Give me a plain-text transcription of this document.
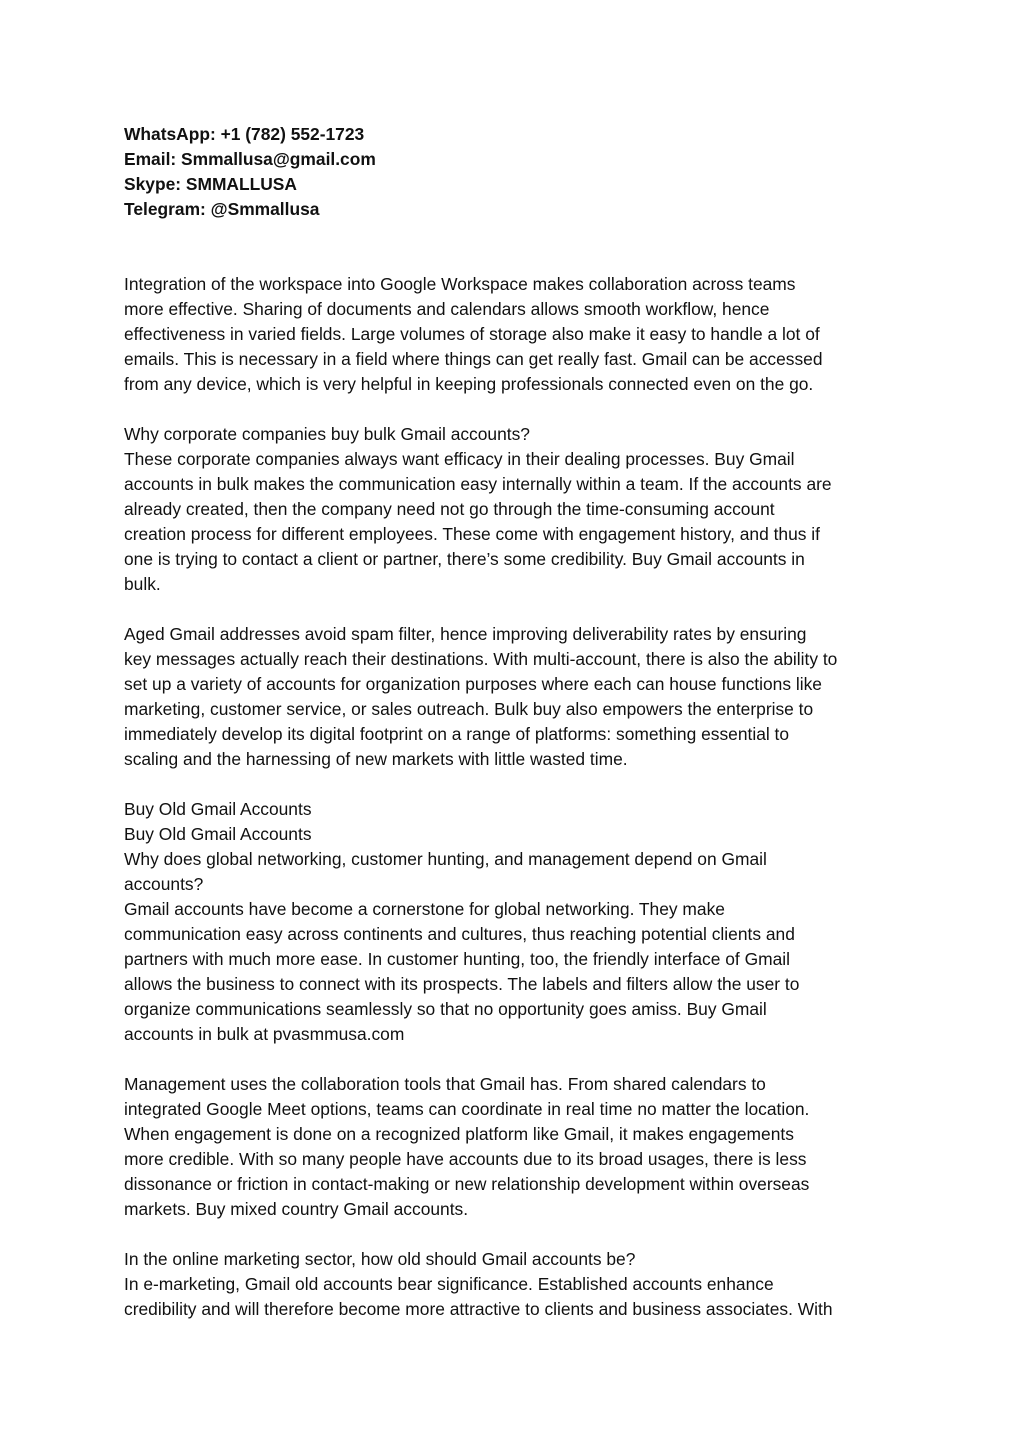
WhatsApp: +1 (782) 552-1723
Email: Smmallusa@gmail.com
Skype: SMMALLUSA
Telegram: @Smmallusa
Integration of the workspace into Google Workspace makes collaboration across teams
more effective. Sharing of documents and calendars allows smooth workflow, hence
effectiveness in varied fields. Large volumes of storage also make it easy to handle a lot of
emails. This is necessary in a field where things can get really fast. Gmail can be accessed
from any device, which is very helpful in keeping professionals connected even on the go.
Why corporate companies buy bulk Gmail accounts?
These corporate companies always want efficacy in their dealing processes. Buy Gmail
accounts in bulk makes the communication easy internally within a team. If the accounts are
already created, then the company need not go through the time-consuming account
creation process for different employees. These come with engagement history, and thus if
one is trying to contact a client or partner, there’s some credibility. Buy Gmail accounts in
bulk.
Aged Gmail addresses avoid spam filter, hence improving deliverability rates by ensuring
key messages actually reach their destinations. With multi-account, there is also the ability to
set up a variety of accounts for organization purposes where each can house functions like
marketing, customer service, or sales outreach. Bulk buy also empowers the enterprise to
immediately develop its digital footprint on a range of platforms: something essential to
scaling and the harnessing of new markets with little wasted time.
Buy Old Gmail Accounts
Buy Old Gmail Accounts
Why does global networking, customer hunting, and management depend on Gmail
accounts?
Gmail accounts have become a cornerstone for global networking. They make
communication easy across continents and cultures, thus reaching potential clients and
partners with much more ease. In customer hunting, too, the friendly interface of Gmail
allows the business to connect with its prospects. The labels and filters allow the user to
organize communications seamlessly so that no opportunity goes amiss. Buy Gmail
accounts in bulk at pvasmmusa.com
Management uses the collaboration tools that Gmail has. From shared calendars to
integrated Google Meet options, teams can coordinate in real time no matter the location.
When engagement is done on a recognized platform like Gmail, it makes engagements
more credible. With so many people have accounts due to its broad usages, there is less
dissonance or friction in contact-making or new relationship development within overseas
markets. Buy mixed country Gmail accounts.
In the online marketing sector, how old should Gmail accounts be?
In e-marketing, Gmail old accounts bear significance. Established accounts enhance
credibility and will therefore become more attractive to clients and business associates. With
